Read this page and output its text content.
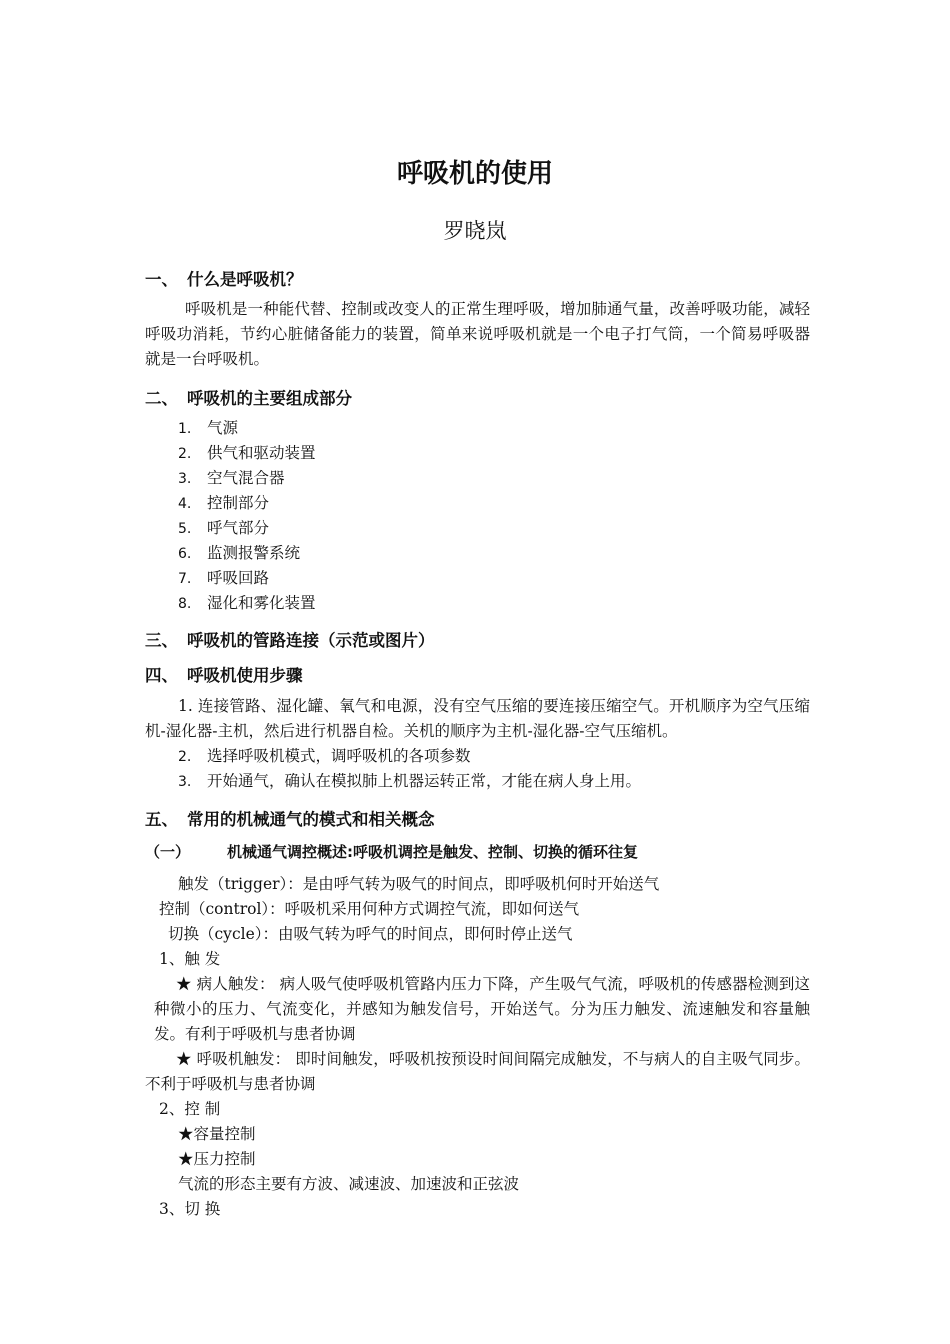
呼吸机的使用
罗晓岚
一、 什么是呼吸机？
呼吸机是一种能代替、控制或改变人的正常生理呼吸，增加肺通气量，改善呼吸功能，减轻 呼吸功消耗，节约心脏储备能力的装置，简单来说呼吸机就是一个电子打气筒，一个简易呼吸器就是一台呼吸机。
二、 呼吸机的主要组成部分
1. 气源
2. 供气和驱动装置
3. 空气混合器
4. 控制部分
5. 呼气部分
6. 监测报警系统
7. 呼吸回路
8. 湿化和雾化装置
三、 呼吸机的管路连接（示范或图片）
四、 呼吸机使用步骤
1. 连接管路、湿化罐、氧气和电源，没有空气压缩的要连接压缩空气。开机顺序为空气压缩机-湿化器-主机，然后进行机器自检。关机的顺序为主机-湿化器-空气压缩机。
2. 选择呼吸机模式，调呼吸机的各项参数
3. 开始通气，确认在模拟肺上机器运转正常，才能在病人身上用。
五、 常用的机械通气的模式和相关概念
（一） 机械通气调控概述:呼吸机调控是触发、控制、切换的循环往复
触发（trigger）：是由呼气转为吸气的时间点，即呼吸机何时开始送气
控制（control）：呼吸机采用何种方式调控气流，即如何送气
切换（cycle）：由吸气转为呼气的时间点，即何时停止送气
1、触 发
★ 病人触发： 病人吸气使呼吸机管路内压力下降，产生吸气气流，呼吸机的传感器检测到这种微小的压力、气流变化，并感知为触发信号，开始送气。分为压力触发、流速触发和容量触发。有利于呼吸机与患者协调
★ 呼吸机触发： 即时间触发，呼吸机按预设时间间隔完成触发，不与病人的自主吸气同步。不利于呼吸机与患者协调
2、控 制
★容量控制
★压力控制
气流的形态主要有方波、减速波、加速波和正弦波
3、切 换
